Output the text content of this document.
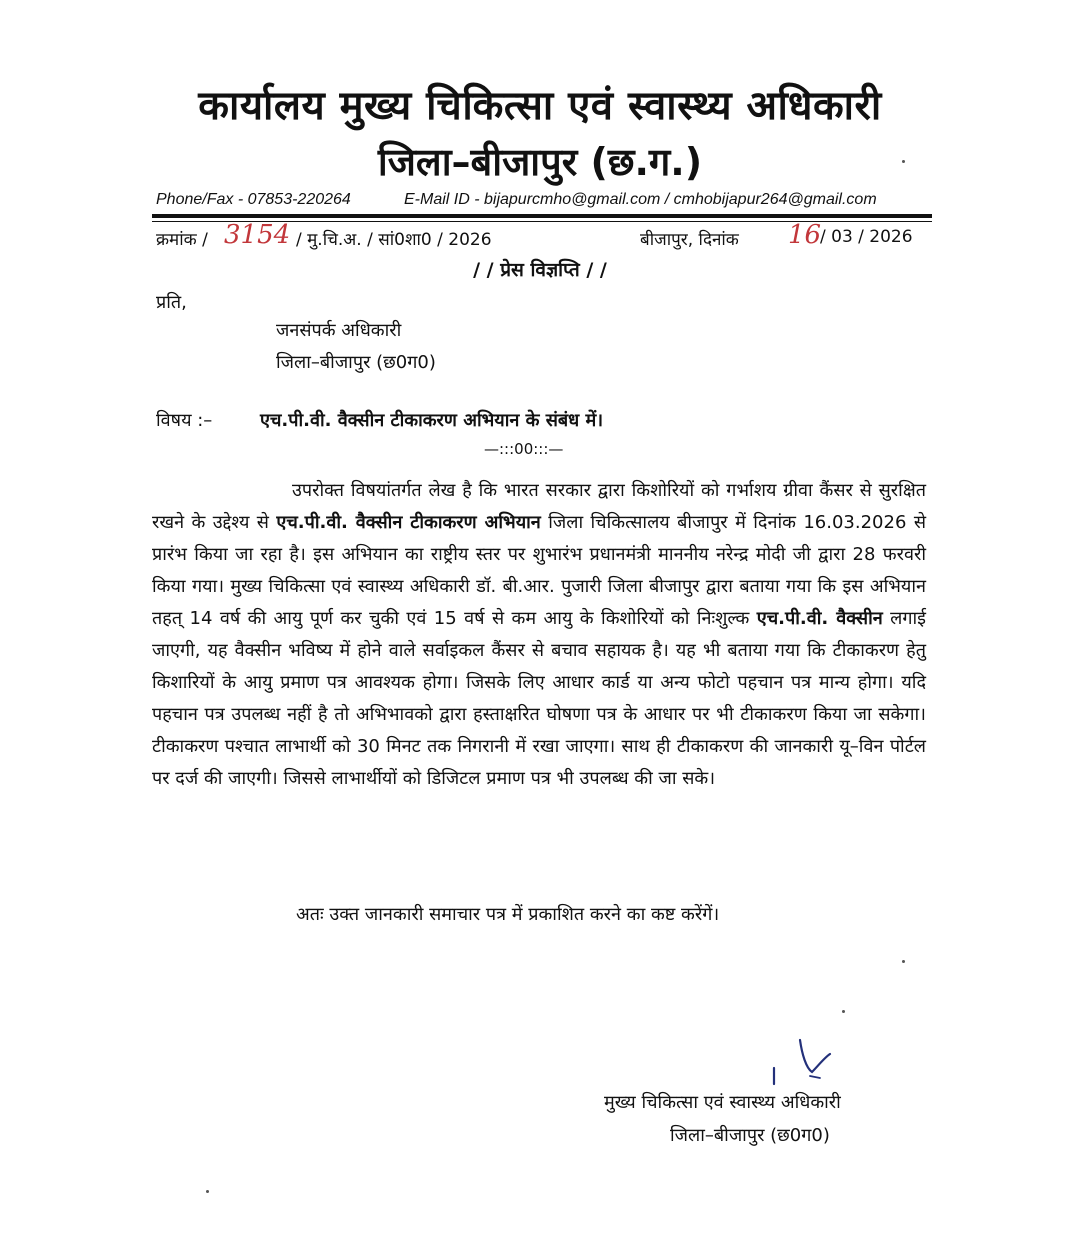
कार्यालय मुख्य चिकित्सा एवं स्वास्थ्य अधिकारी
जिला–बीजापुर (छ.ग.)
Phone/Fax - 07853-220264	E-Mail ID - bijapurcmho@gmail.com / cmhobijapur264@gmail.com
क्रमांक / 3154 / मु.चि.अ. / सां0शा0 / 2026	बीजापुर, दिनांक 16
/ 03 / 2026
/ / प्रेस विज्ञप्ति / /
प्रति,
जनसंपर्क अधिकारी
जिला–बीजापुर (छ0ग0)
विषय :–	एच.पी.वी. वैक्सीन टीकाकरण अभियान के संबंध में।
—:::00:::—
उपरोक्त विषयांतर्गत लेख है कि भारत सरकार द्वारा किशोरियों को गर्भाशय ग्रीवा कैंसर से सुरक्षित रखने के उद्देश्य से एच.पी.वी. वैक्सीन टीकाकरण अभियान जिला चिकित्सालय बीजापुर में दिनांक 16.03.2026 से प्रारंभ किया जा रहा है। इस अभियान का राष्ट्रीय स्तर पर शुभारंभ प्रधानमंत्री माननीय नरेन्द्र मोदी जी द्वारा 28 फरवरी किया गया। मुख्य चिकित्सा एवं स्वास्थ्य अधिकारी डॉ. बी.आर. पुजारी जिला बीजापुर द्वारा बताया गया कि इस अभियान तहत् 14 वर्ष की आयु पूर्ण कर चुकी एवं 15 वर्ष से कम आयु के किशोरियों को निःशुल्क एच.पी.वी. वैक्सीन लगाई जाएगी, यह वैक्सीन भविष्य में होने वाले सर्वाइकल कैंसर से बचाव सहायक है। यह भी बताया गया कि टीकाकरण हेतु किशारियों के आयु प्रमाण पत्र आवश्यक होगा। जिसके लिए आधार कार्ड या अन्य फोटो पहचान पत्र मान्य होगा। यदि पहचान पत्र उपलब्ध नहीं है तो अभिभावको द्वारा हस्ताक्षरित घोषणा पत्र के आधार पर भी टीकाकरण किया जा सकेगा। टीकाकरण पश्चात लाभार्थी को 30 मिनट तक निगरानी में रखा जाएगा। साथ ही टीकाकरण की जानकारी यू–विन पोर्टल पर दर्ज की जाएगी। जिससे लाभार्थीयों को डिजिटल प्रमाण पत्र भी उपलब्ध की जा सके।
अतः उक्त जानकारी समाचार पत्र में प्रकाशित करने का कष्ट करेंगें।
मुख्य चिकित्सा एवं स्वास्थ्य अधिकारी
जिला–बीजापुर (छ0ग0)
